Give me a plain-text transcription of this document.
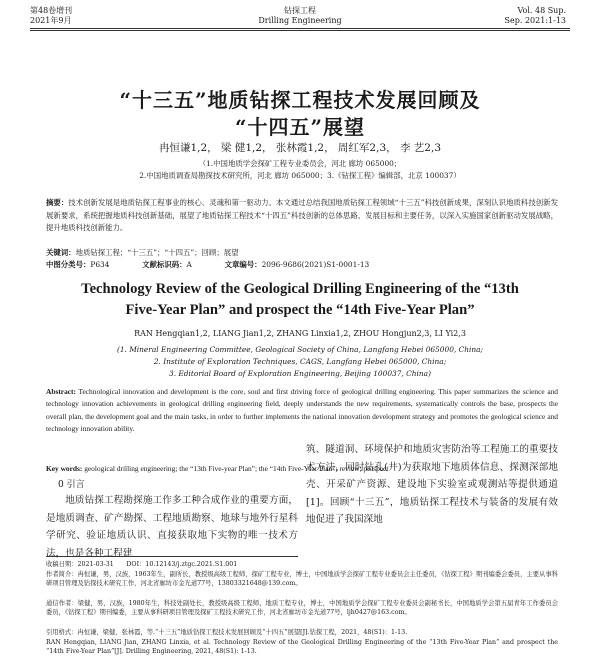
第48卷增刊
2021年9月
钻探工程
Drilling Engineering
Vol. 48 Sup.
Sep. 2021:1-13
“十三五”地质钻探工程技术发展回顾及
“十四五”展望
冉恒谦1,2， 梁 健1,2， 张林霞1,2， 周红军2,3， 李 艺2,3
（1.中国地质学会探矿工程专业委员会，河北 廊坊 065000；
2.中国地质调查局勘探技术研究所，河北 廊坊 065000；3.《钻探工程》编辑部，北京 100037）
摘要：技术创新发展是地质钻探工程事业的核心、灵魂和第一驱动力。本文通过总结我国地质钻探工程领域“十三五”科技创新成果，深刻认识地质科技创新发展新要求，系统把握地质科技创新基础，展望了地质钻探工程技术“十四五”科技创新的总体思路、发展目标和主要任务，以深入实施国家创新驱动发展战略，提升地质科技创新能力。
关键词：地质钻探工程；“十三五”；“十四五”；回顾；展望
中图分类号：P634	文献标识码：A	文章编号：2096-9686(2021)S1-0001-13
Technology Review of the Geological Drilling Engineering of the “13th
Five-Year Plan” and prospect the “14th Five-Year Plan”
RAN Hengqian1,2, LIANG Jian1,2, ZHANG Linxia1,2, ZHOU Hongjun2,3, LI Yi2,3
(1. Mineral Engineering Committee, Geological Society of China, Langfang Hebei 065000, China;
2. Institute of Exploration Techniques, CAGS, Langfang Hebei 065000, China;
3. Editorial Board of Exploration Engineering, Beijing 100037, China)
Abstract: Technological innovation and development is the core, soul and first driving force of geological drilling engineering. This paper summarizes the science and technology innovation achievements in geological drilling engineering field, deeply understands the new requirements, systematically controls the base, prospects the overall plan, the development goal and the main tasks, in order to further implements the national innovation development strategy and promotes the geological science and technology innovation ability.
Key words: geological drilling engineering; the “13th Five-year Plan”; the “14th Five-Year Plan”; review; prospect
0 引言
地质钻探工程勘探施工作多工种合成作业的重要方面，是地质调查、矿产勘探、工程地质勘察、地球与地外行星科学研究、验证地质认识、直接获取地下实物的唯一技术方法，也是各种工程建
筑、隧道洞、环境保护和地质灾害防治等工程施工的重要技术方法，同时钻孔(井)为获取地下地质体信息、探测深部地壳、开采矿产资源、建设地下实验室或观测站等提供通道[1]。回顾“十三五”，地质钻探工程技术与装备的发展有效地促进了我国深地
收稿日期：2021-03-31　　DOI：10.12143/j.ztgc.2021.S1.001
作者简介：冉恒谦，男，汉族，1963年生，副所长，教授级高级工程师，探矿工程专业，博士，中国地质学会探矿工程专业委员会主任委员，《钻探工程》期刊编委会委员，主要从事科研项目管理及钻探技术研究工作，河北省廊坊市金光道77号，13803321648@139.com。
通信作者：梁健，男，汉族，1980年生，科技处副处长，教授级高级工程师，地质工程专业，博士，中国地质学会探矿工程专业委员会副秘书长，中国地质学会第五届青年工作委员会委员，《钻探工程》期刊编委，主要从事科研项目管理及探矿工程技术研究工作，河北省廊坊市金光道77号，ljh0427@163.com。
引用格式：冉恒谦，梁健，张林霞，等.“十三五”地质钻探工程技术发展回顾及“十四五”展望[J].钻探工程，2021，48(S1)：1-13.
RAN Hengqian, LIANG Jian, ZHANG Linxia, et al. Technology Review of the Geological Drilling Engineering of the “13th Five-Year Plan” and prospect the “14th Five-Year Plan”[J]. Drilling Engineering, 2021, 48(S1): 1-13.
